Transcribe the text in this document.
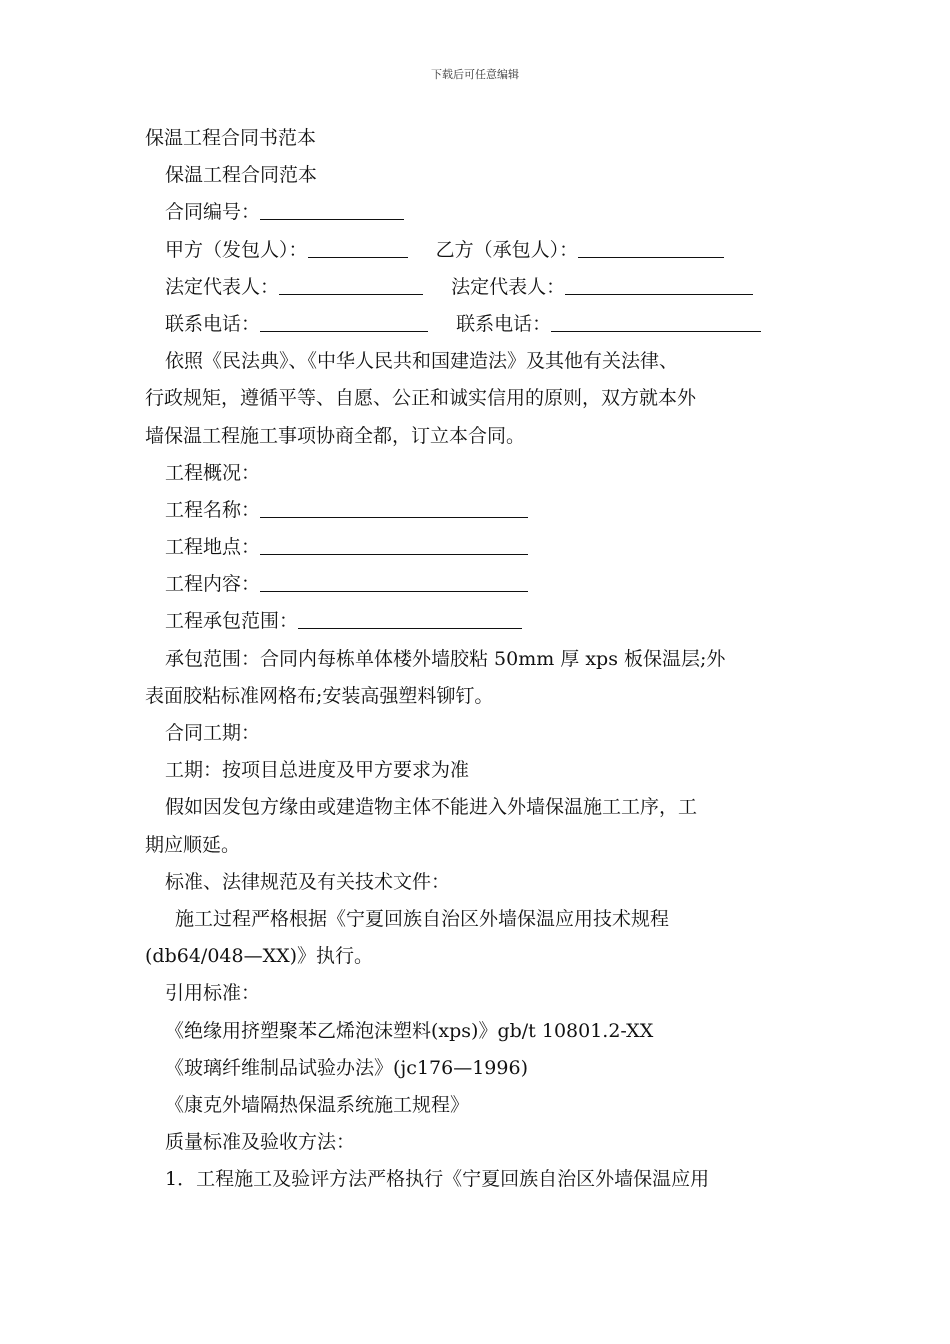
下载后可任意编辑
保温工程合同书范本
保温工程合同范本
合同编号：
甲方（发包人）：	乙方（承包人）：
法定代表人：	法定代表人：
联系电话：	联系电话：
依照《民法典》、《中华人民共和国建造法》及其他有关法律、
行政规矩，遵循平等、自愿、公正和诚实信用的原则，双方就本外
墙保温工程施工事项协商全都，订立本合同。
工程概况：
工程名称：
工程地点：
工程内容：
工程承包范围：
承包范围：合同内每栋单体楼外墙胶粘 50mm 厚 xps 板保温层;外
表面胶粘标准网格布;安装高强塑料铆钉。
合同工期：
工期：按项目总进度及甲方要求为准
假如因发包方缘由或建造物主体不能进入外墙保温施工工序，工
期应顺延。
标准、法律规范及有关技术文件：
施工过程严格根据《宁夏回族自治区外墙保温应用技术规程
(db64/048—XX)》执行。
引用标准：
《绝缘用挤塑聚苯乙烯泡沫塑料(xps)》gb/t 10801.2-XX
《玻璃纤维制品试验办法》(jc176—1996)
《康克外墙隔热保温系统施工规程》
质量标准及验收方法：
1．工程施工及验评方法严格执行《宁夏回族自治区外墙保温应用
